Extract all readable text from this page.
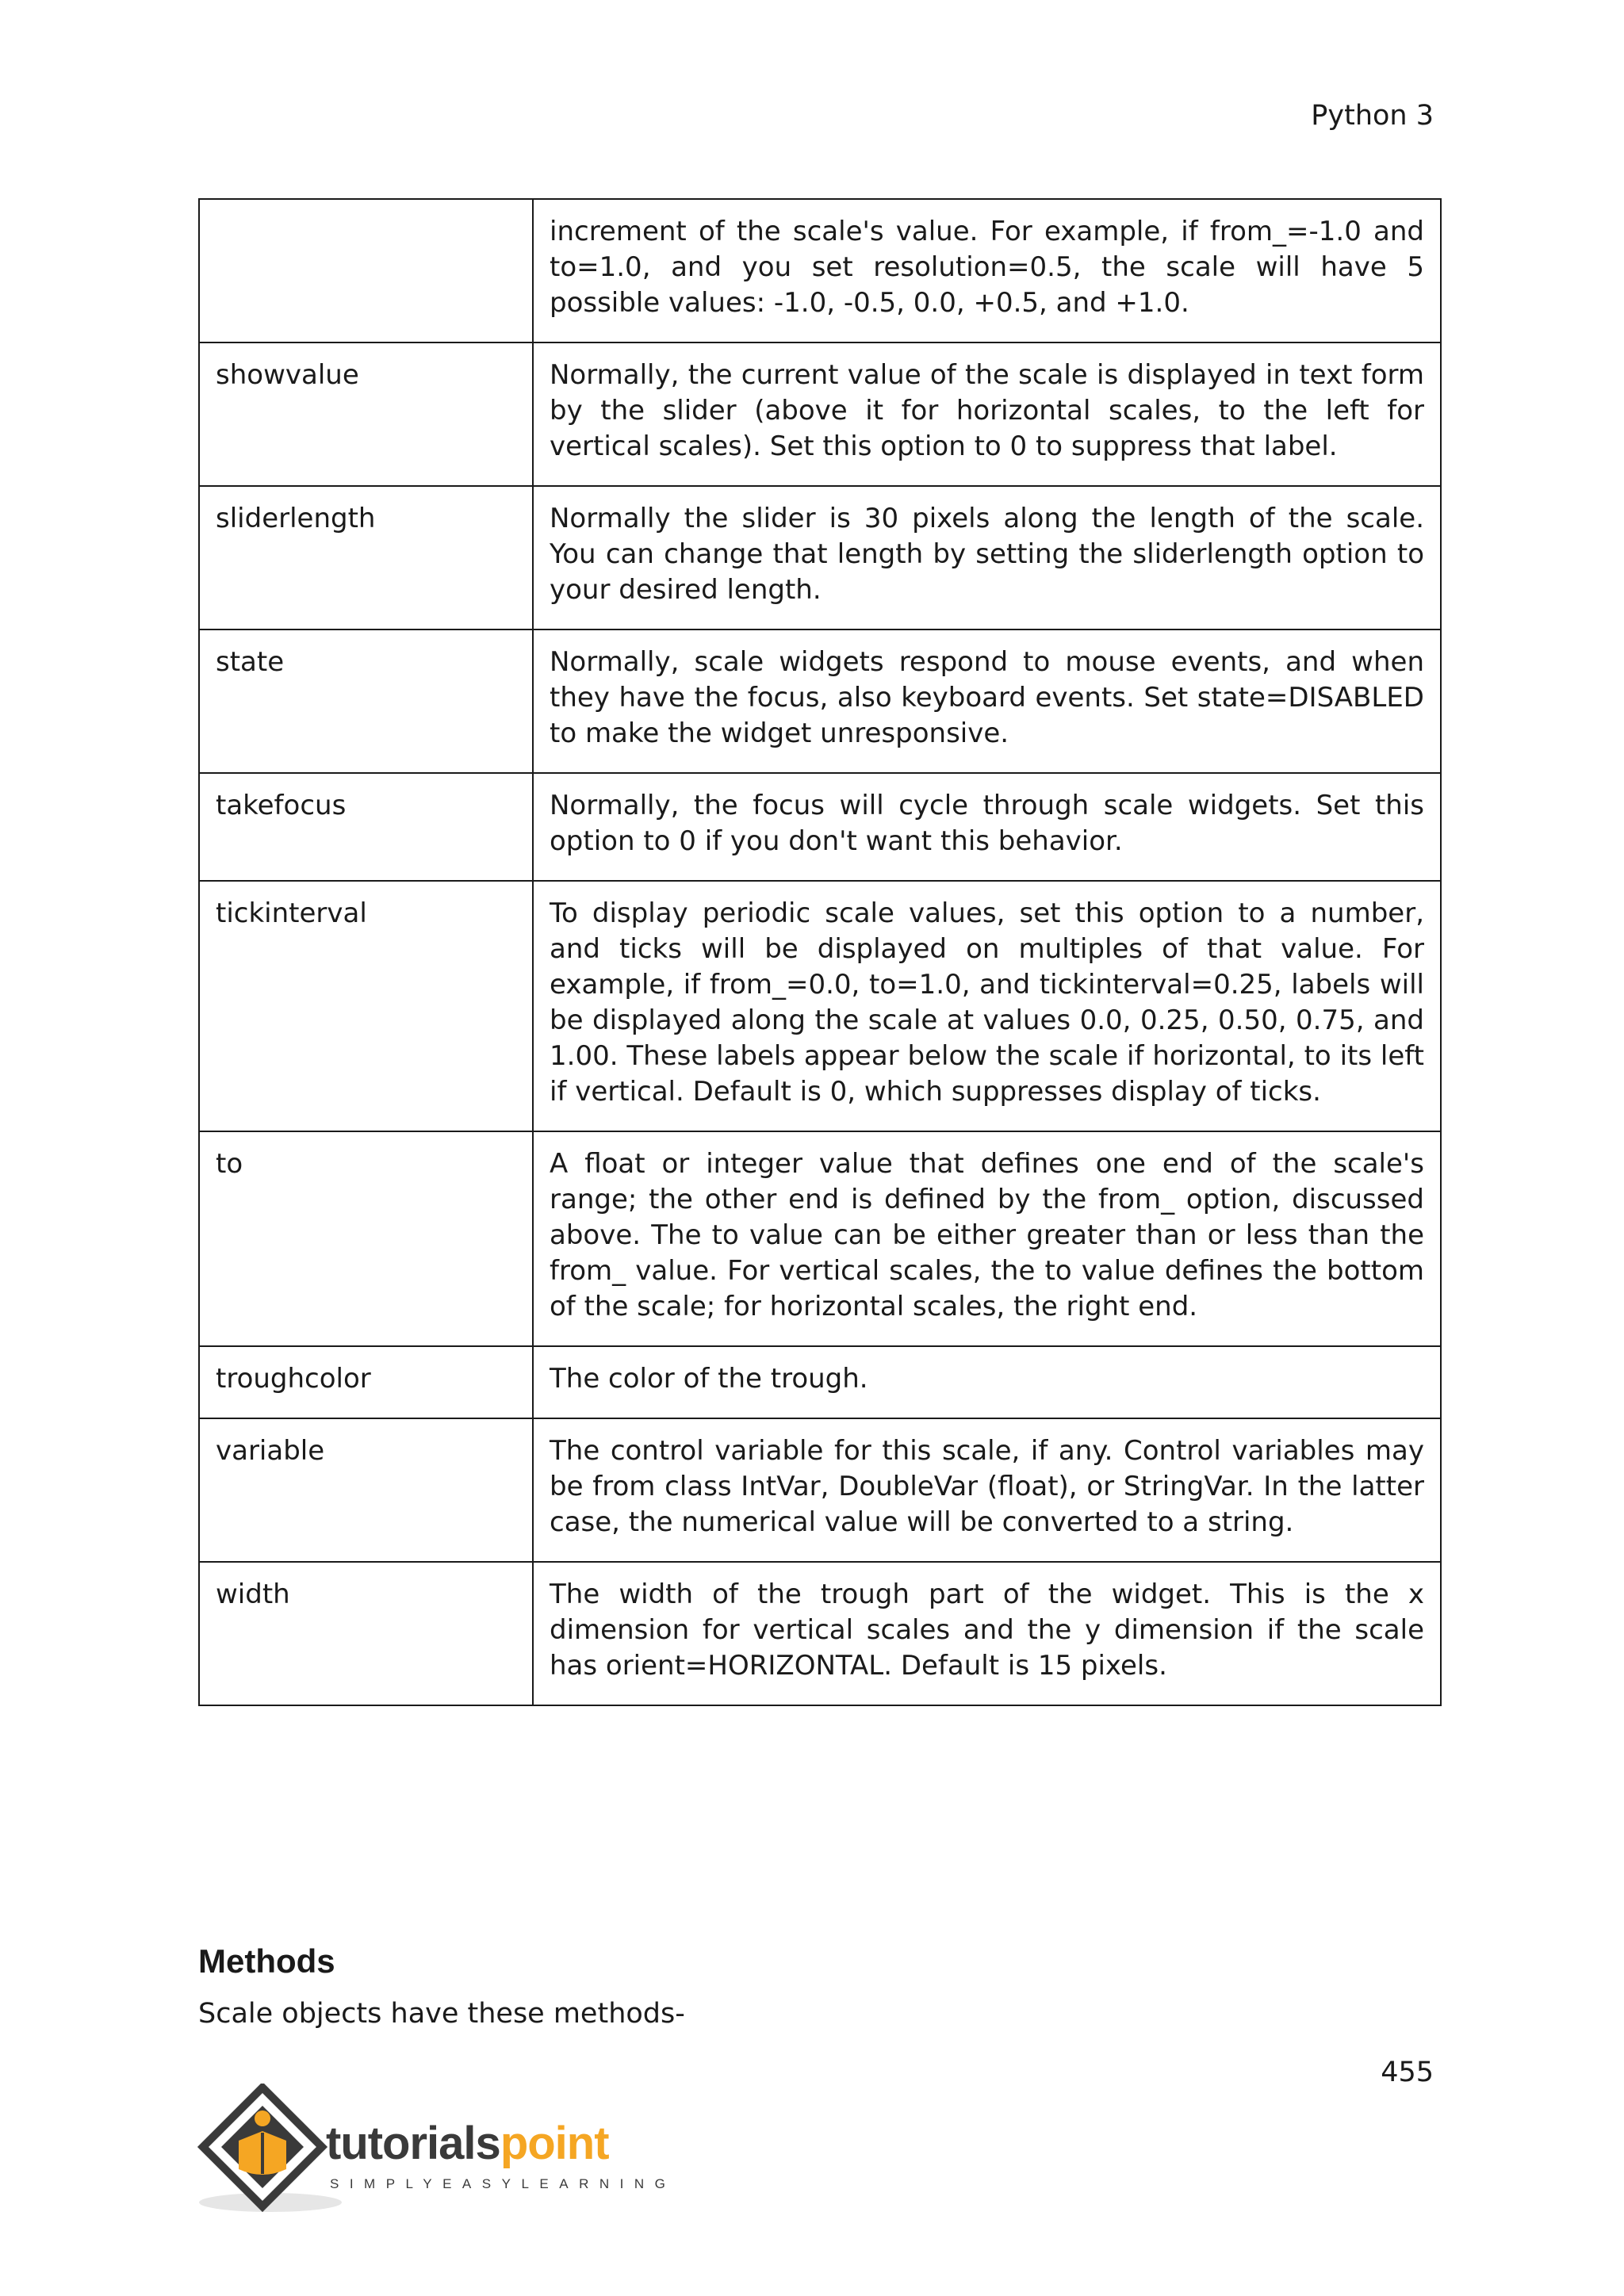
Python 3
	increment of the scale's value. For example, if from_=-1.0 and to=1.0, and you set resolution=0.5, the scale will have 5 possible values: -1.0, -0.5, 0.0, +0.5, and +1.0.
showvalue	Normally, the current value of the scale is displayed in text form by the slider (above it for horizontal scales, to the left for vertical scales). Set this option to 0 to suppress that label.
sliderlength	Normally the slider is 30 pixels along the length of the scale. You can change that length by setting the sliderlength option to your desired length.
state	Normally, scale widgets respond to mouse events, and when they have the focus, also keyboard events. Set state=DISABLED to make the widget unresponsive.
takefocus	Normally, the focus will cycle through scale widgets. Set this option to 0 if you don't want this behavior.
tickinterval	To display periodic scale values, set this option to a number, and ticks will be displayed on multiples of that value. For example, if from_=0.0, to=1.0, and tickinterval=0.25, labels will be displayed along the scale at values 0.0, 0.25, 0.50, 0.75, and 1.00. These labels appear below the scale if horizontal, to its left if vertical. Default is 0, which suppresses display of ticks.
to	A float or integer value that defines one end of the scale's range; the other end is defined by the from_ option, discussed above. The to value can be either greater than or less than the from_ value. For vertical scales, the to value defines the bottom of the scale; for horizontal scales, the right end.
troughcolor	The color of the trough.
variable	The control variable for this scale, if any. Control variables may be from class IntVar, DoubleVar (float), or StringVar. In the latter case, the numerical value will be converted to a string.
width	The width of the trough part of the widget. This is the x dimension for vertical scales and the y dimension if the scale has orient=HORIZONTAL. Default is 15 pixels.
Methods

Scale objects have these methods-

455
tutorialspoint
SIMPLYEASYLEARNING
